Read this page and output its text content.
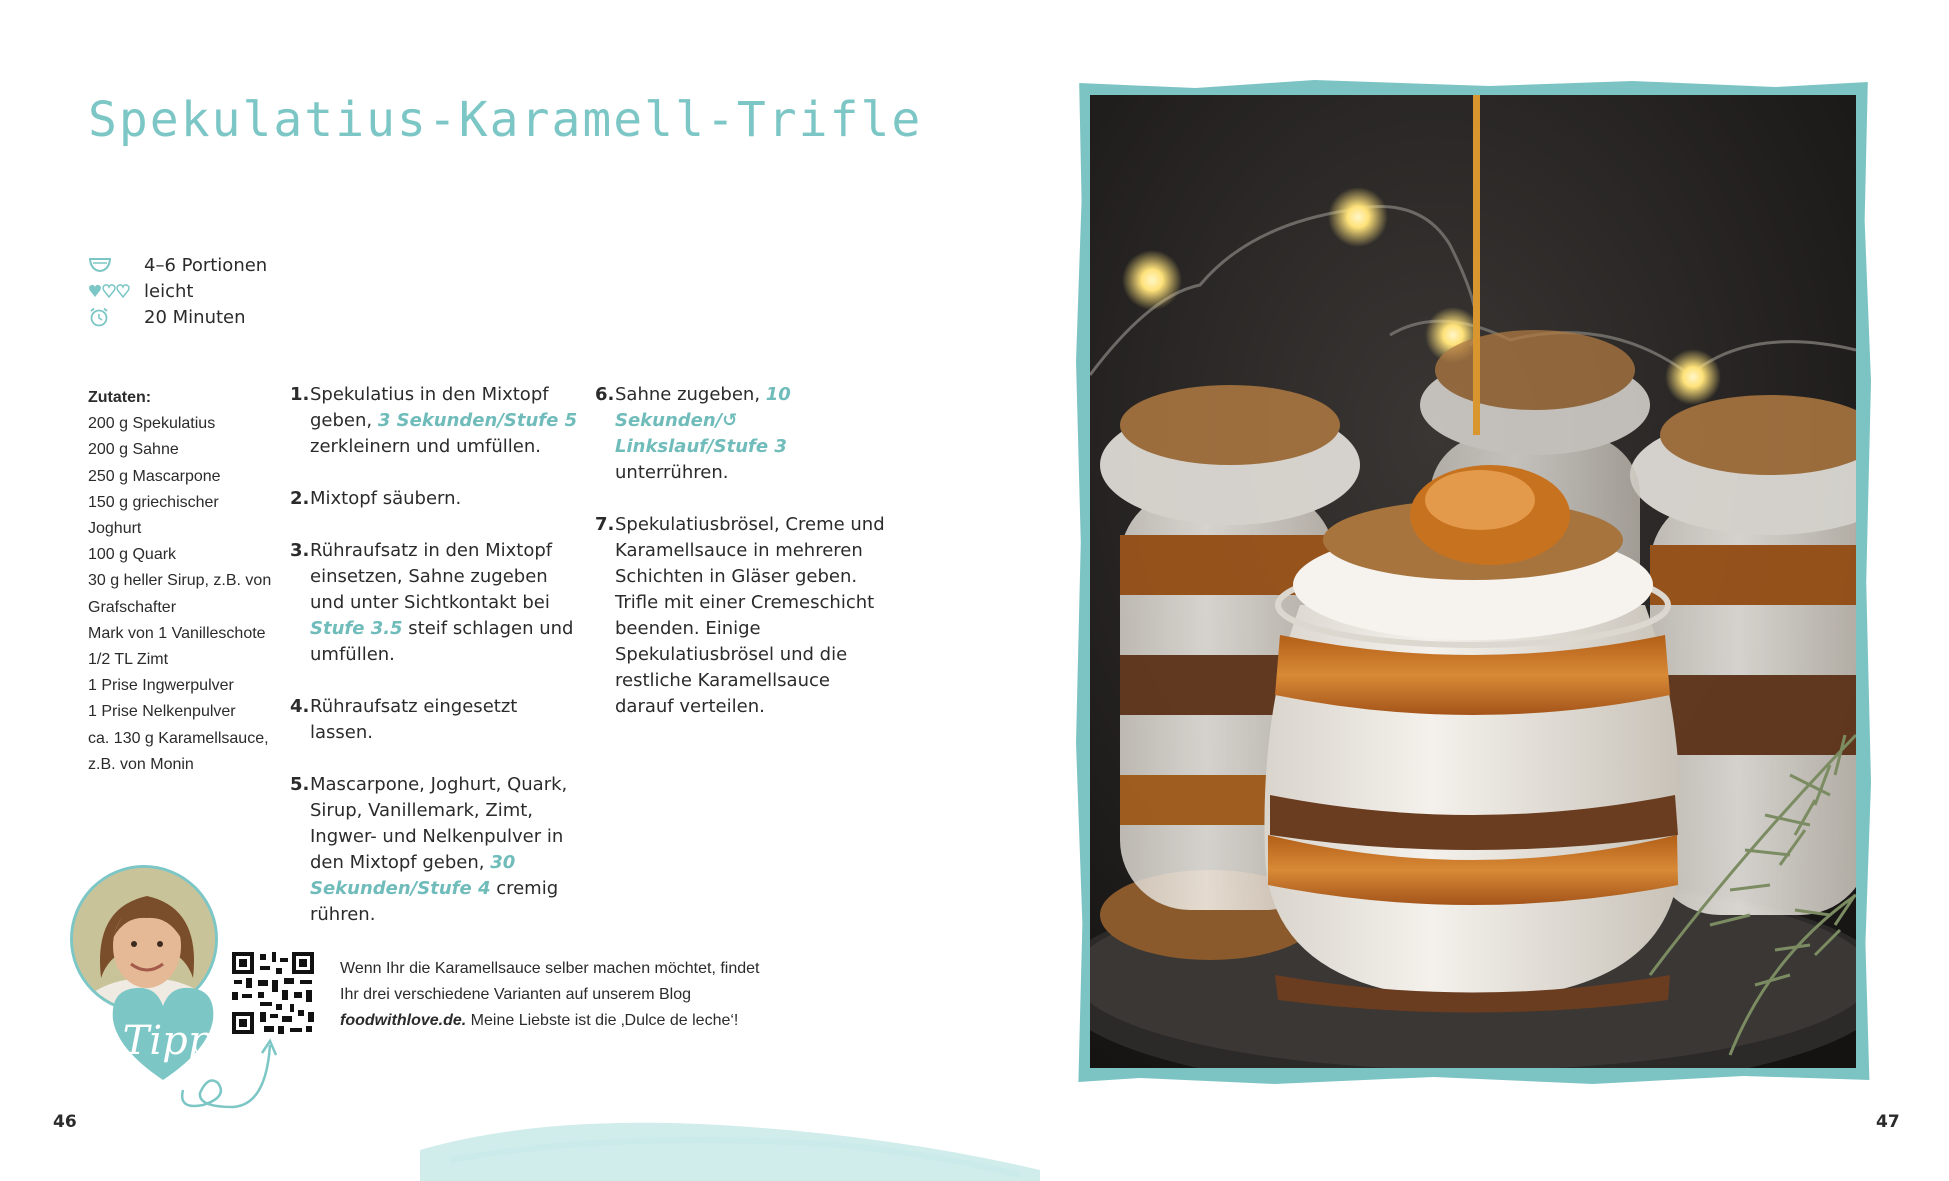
Spekulatius-Karamell-Trifle
4–6 Portionen
leicht
20 Minuten
Zutaten:
200 g Spekulatius
200 g Sahne
250 g Mascarpone
150 g griechischer
Joghurt
100 g Quark
30 g heller Sirup, z.B. von
Grafschafter
Mark von 1 Vanilleschote
1/2 TL Zimt
1 Prise Ingwerpulver
1 Prise Nelkenpulver
ca. 130 g Karamellsauce,
z.B. von Monin
1. Spekulatius in den Mixtopf geben, 3 Sekunden/Stufe 5 zerkleinern und umfüllen.
2. Mixtopf säubern.
3. Rühraufsatz in den Mixtopf einsetzen, Sahne zugeben und unter Sichtkontakt bei Stufe 3.5 steif schlagen und umfüllen.
4. Rühraufsatz eingesetzt lassen.
5. Mascarpone, Joghurt, Quark, Sirup, Vanillemark, Zimt, Ingwer- und Nelkenpulver in den Mixtopf geben, 30 Sekunden/Stufe 4 cremig rühren.
6. Sahne zugeben, 10 Sekunden/↺ Linkslauf/Stufe 3 unterrühren.
7. Spekulatiusbrösel, Creme und Karamellsauce in mehreren Schichten in Gläser geben. Trifle mit einer Cremeschicht beenden. Einige Spekulatiusbrösel und die restliche Karamellsauce darauf verteilen.
Tipp
Wenn Ihr die Karamellsauce selber machen möchtet, findet Ihr drei verschiedene Varianten auf unserem Blog foodwithlove.de. Meine Liebste ist die ‚Dulce de leche‘!
46	47
